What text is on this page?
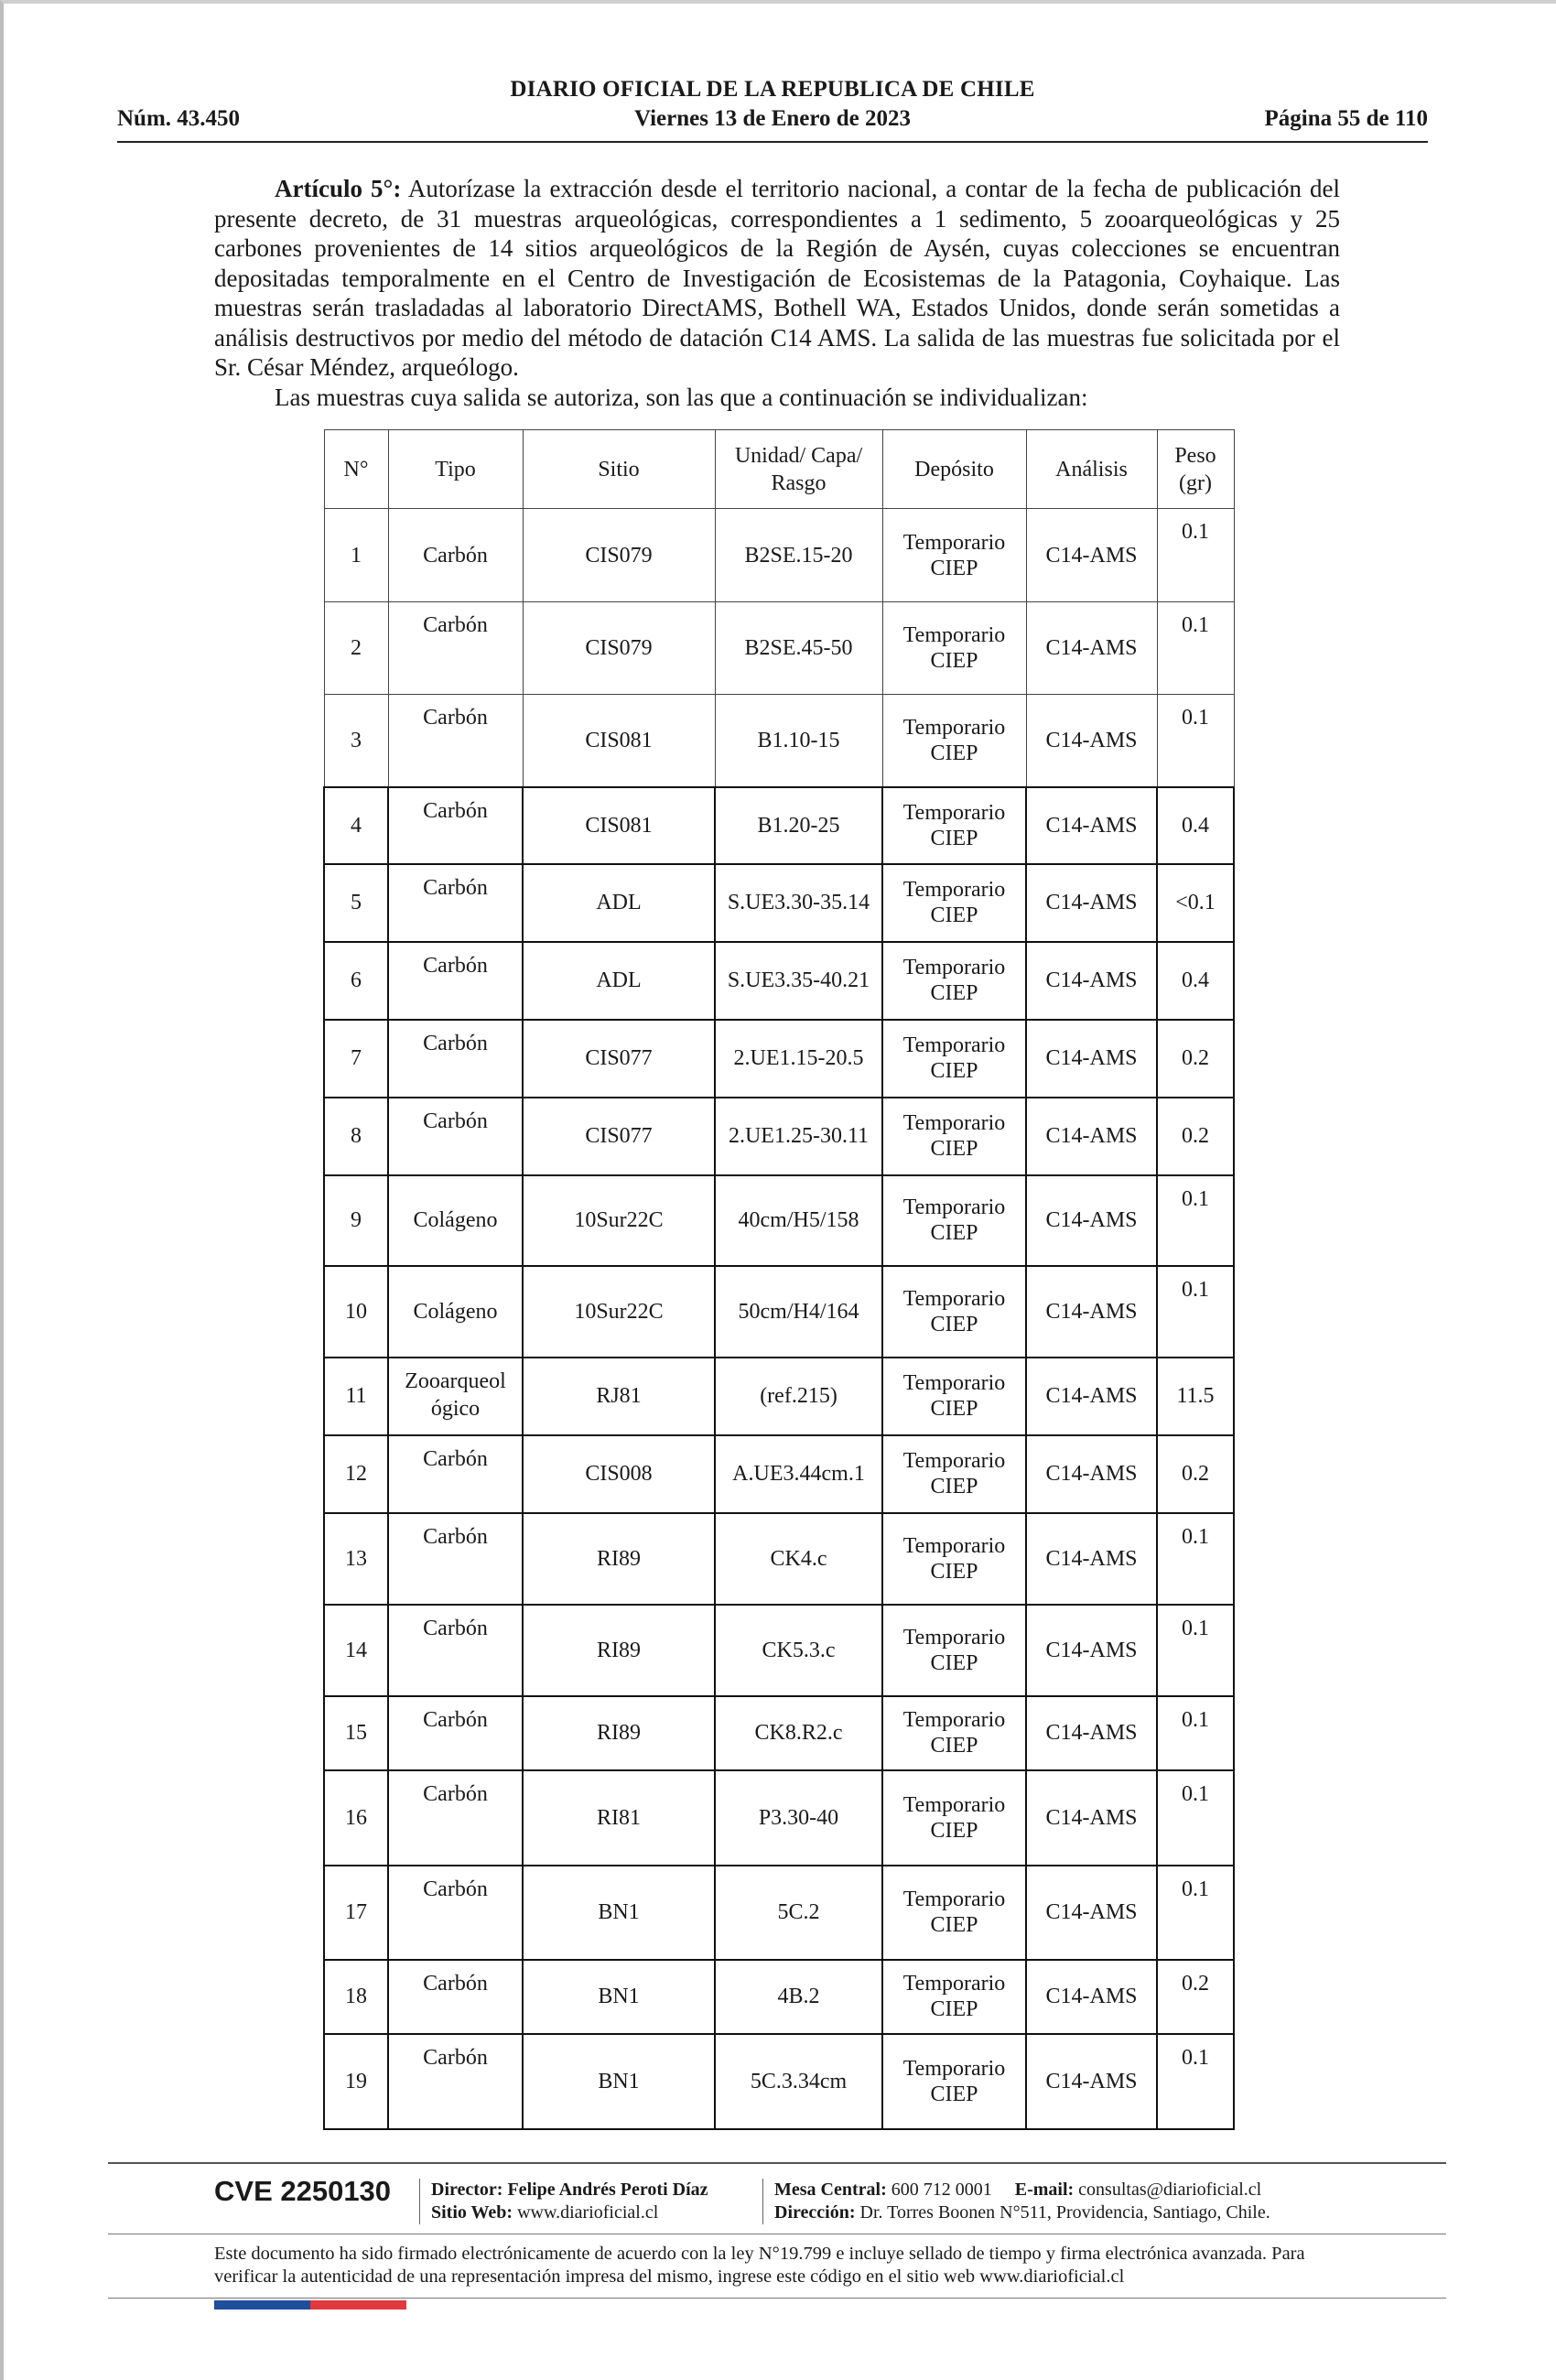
DIARIO OFICIAL DE LA REPUBLICA DE CHILE
Núm. 43.450	Viernes 13 de Enero de 2023	Página 55 de 110

Artículo 5°: Autorízase la extracción desde el territorio nacional, a contar de la fecha de publicación del presente decreto, de 31 muestras arqueológicas, correspondientes a 1 sedimento, 5 zooarqueológicas y 25 carbones provenientes de 14 sitios arqueológicos de la Región de Aysén, cuyas colecciones se encuentran depositadas temporalmente en el Centro de Investigación de Ecosistemas de la Patagonia, Coyhaique. Las muestras serán trasladadas al laboratorio DirectAMS, Bothell WA, Estados Unidos, donde serán sometidas a análisis destructivos por medio del método de datación C14 AMS. La salida de las muestras fue solicitada por el Sr. César Méndez, arqueólogo.

Las muestras cuya salida se autoriza, son las que a continuación se individualizan:

N°	Tipo	Sitio	Unidad/ Capa/ Rasgo	Depósito	Análisis	Peso (gr)
1	Carbón	CIS079	B2SE.15-20	Temporario CIEP	C14-AMS	0.1
2	Carbón	CIS079	B2SE.45-50	Temporario CIEP	C14-AMS	0.1
3	Carbón	CIS081	B1.10-15	Temporario CIEP	C14-AMS	0.1
4	Carbón	CIS081	B1.20-25	Temporario CIEP	C14-AMS	0.4
5	Carbón	ADL	S.UE3.30-35.14	Temporario CIEP	C14-AMS	<0.1
6	Carbón	ADL	S.UE3.35-40.21	Temporario CIEP	C14-AMS	0.4
7	Carbón	CIS077	2.UE1.15-20.5	Temporario CIEP	C14-AMS	0.2
8	Carbón	CIS077	2.UE1.25-30.11	Temporario CIEP	C14-AMS	0.2
9	Colágeno	10Sur22C	40cm/H5/158	Temporario CIEP	C14-AMS	0.1
10	Colágeno	10Sur22C	50cm/H4/164	Temporario CIEP	C14-AMS	0.1
11	Zooarqueol ógico	RJ81	(ref.215)	Temporario CIEP	C14-AMS	11.5
12	Carbón	CIS008	A.UE3.44cm.1	Temporario CIEP	C14-AMS	0.2
13	Carbón	RI89	CK4.c	Temporario CIEP	C14-AMS	0.1
14	Carbón	RI89	CK5.3.c	Temporario CIEP	C14-AMS	0.1
15	Carbón	RI89	CK8.R2.c	Temporario CIEP	C14-AMS	0.1
16	Carbón	RI81	P3.30-40	Temporario CIEP	C14-AMS	0.1
17	Carbón	BN1	5C.2	Temporario CIEP	C14-AMS	0.1
18	Carbón	BN1	4B.2	Temporario CIEP	C14-AMS	0.2
19	Carbón	BN1	5C.3.34cm	Temporario CIEP	C14-AMS	0.1
CVE 2250130 Director: Felipe Andrés Peroti Díaz
Sitio Web: www.diarioficial.cl
Mesa Central: 600 712 0001 E-mail: consultas@diarioficial.cl
Dirección: Dr. Torres Boonen N°511, Providencia, Santiago, Chile.
Este documento ha sido firmado electrónicamente de acuerdo con la ley N°19.799 e incluye sellado de tiempo y firma electrónica avanzada. Para verificar la autenticidad de una representación impresa del mismo, ingrese este código en el sitio web www.diarioficial.cl
